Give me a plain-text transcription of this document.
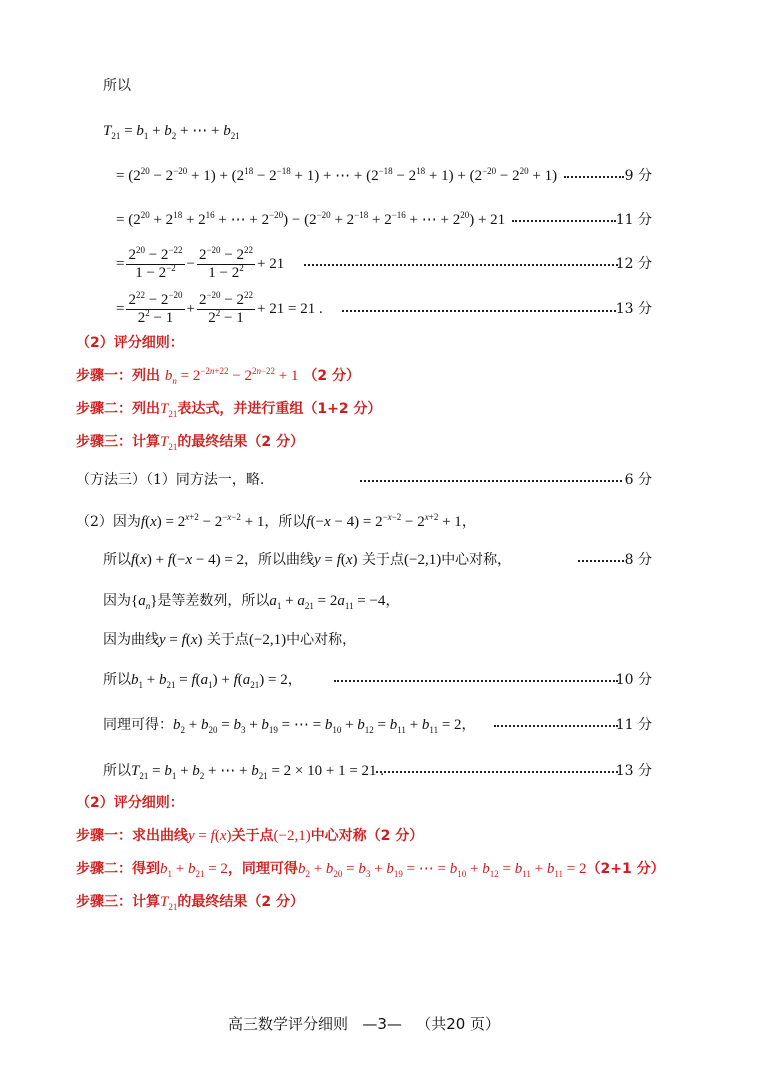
所以
$T_{21} = b_1 + b_2$ + ⋯ + $b_{21}$
= $(2^{20} - 2^{-20} + 1) + (2^{18} - 2^{-18} + 1)$ + ⋯ + $(2^{-18} - 2^{18} + 1) + (2^{-20} - 2^{20} + 1)$	9 分
= ($2^{20} + 2^{18} + 2^{16}$ + ⋯ + $2^{-20}) - (2^{-20} + 2^{-18} + 2^{-16}$ + ⋯ + $2^{20}) + 21$	11 分
= $\frac{2^{20} - 2^{-22}}{1 - 2^{-2}} - \frac{2^{-20} - 2^{22}}{1 - 2^2} + 21$	12 分
= $\frac{2^{22} - 2^{-20}}{2^2 - 1} + \frac{2^{-20} - 2^{22}}{2^2 - 1} + 21 = 21$ .	13 分
（2）评分细则：
步骤一：列出 $b_n = 2^{-2n+22} - 2^{2n-22} + 1$ （2 分）
步骤二：列出$T_{21}$表达式，并进行重组（1+2 分）
步骤三：计算$T_{21}$的最终结果（2 分）
（方法三）（1）同方法一，略.	6 分
（2）因为$f(x) = 2^{x+2} - 2^{-x-2} + 1$，所以$f(-x - 4) = 2^{-x-2} - 2^{x+2} + 1$，
所以f(x) + f(−x − 4) = 2，所以曲线y = f(x) 关于点(−2,1)中心对称，	8 分
因为$\{a_n\}$是等差数列，所以$a_1 + a_{21} = 2a_{11} = -4$，
因为曲线y = f(x) 关于点(−2,1)中心对称，
所以$b_1 + b_{21} = f(a_1) + f(a_{21}) = 2$，	10 分
同理可得：$b_2 + b_{20} = b_3 + b_{19}$ = ⋯ = $b_{10} + b_{12} = b_{11} + b_{11} = 2$，	11 分
所以$T_{21} = b_1 + b_2$ + ⋯ + $b_{21} = 2 \times 10 + 1 = 21$ .	13 分
（2）评分细则：
步骤一：求出曲线y = f(x)关于点(−2,1)中心对称（2 分）
步骤二：得到$b_1 + b_{21} = 2$，同理可得$b_2 + b_{20} = b_3 + b_{19}$ = ⋯ = $b_{10} + b_{12} = b_{11} + b_{11} = 2(2+1$ 分）
步骤三：计算$T_{21}$的最终结果（2 分）
高三数学评分细则 —3— （共20 页）
